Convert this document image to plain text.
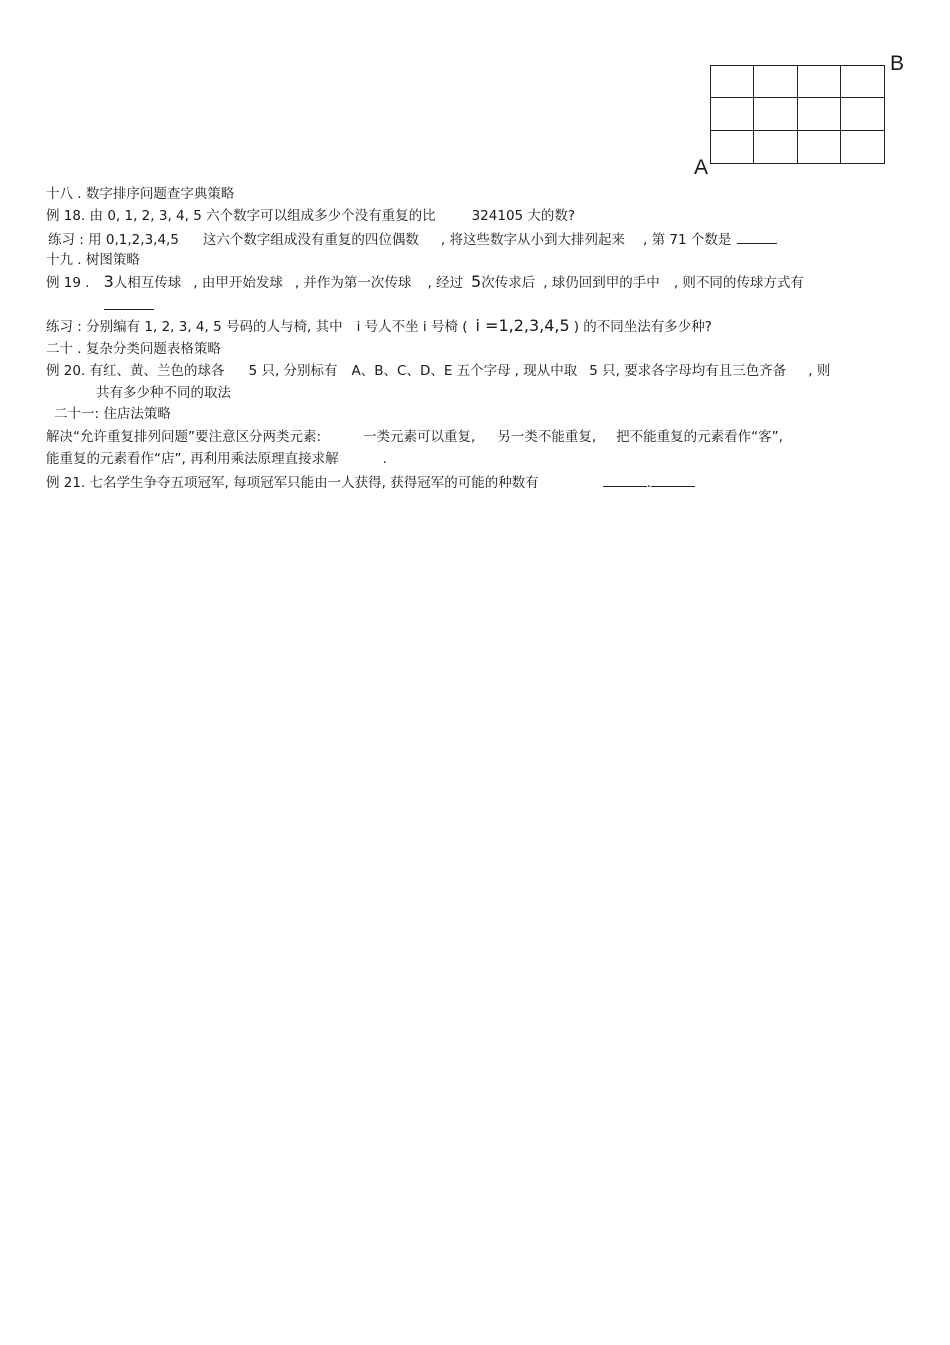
B
A
十八 . 数字排序问题查字典策略
例 18. 由 0, 1, 2, 3, 4, 5 六个数字可以组成多少个没有重复的比	324105 大的数?
练习 : 用 0,1,2,3,4,5 这六个数字组成没有重复的四位偶数 , 将这些数字从小到大排列起来 , 第 71 个数是
十九 . 树图策略
例 19 . 3人相互传球 , 由甲开始发球 , 并作为第一次传球 , 经过 5次传求后 , 球仍回到甲的手中 , 则不同的传球方式有
练习 : 分别编有 1, 2, 3, 4, 5 号码的人与椅, 其中 i 号人不坐 i 号椅 ( i =1,2,3,4,5 ) 的不同坐法有多少种?
二十 . 复杂分类问题表格策略
例 20. 有红、黄、兰色的球各 5 只, 分别标有 A、B、C、D、E 五个字母 , 现从中取 5 只, 要求各字母均有且三色齐备 , 则
共有多少种不同的取法
二十一: 住店法策略
解决“允许重复排列问题”要注意区分两类元素:	一类元素可以重复, 另一类不能重复, 把不能重复的元素看作“客”,
能重复的元素看作“店”, 再利用乘法原理直接求解	.
例 21. 七名学生争夺五项冠军, 每项冠军只能由一人获得, 获得冠军的可能的种数有	.
